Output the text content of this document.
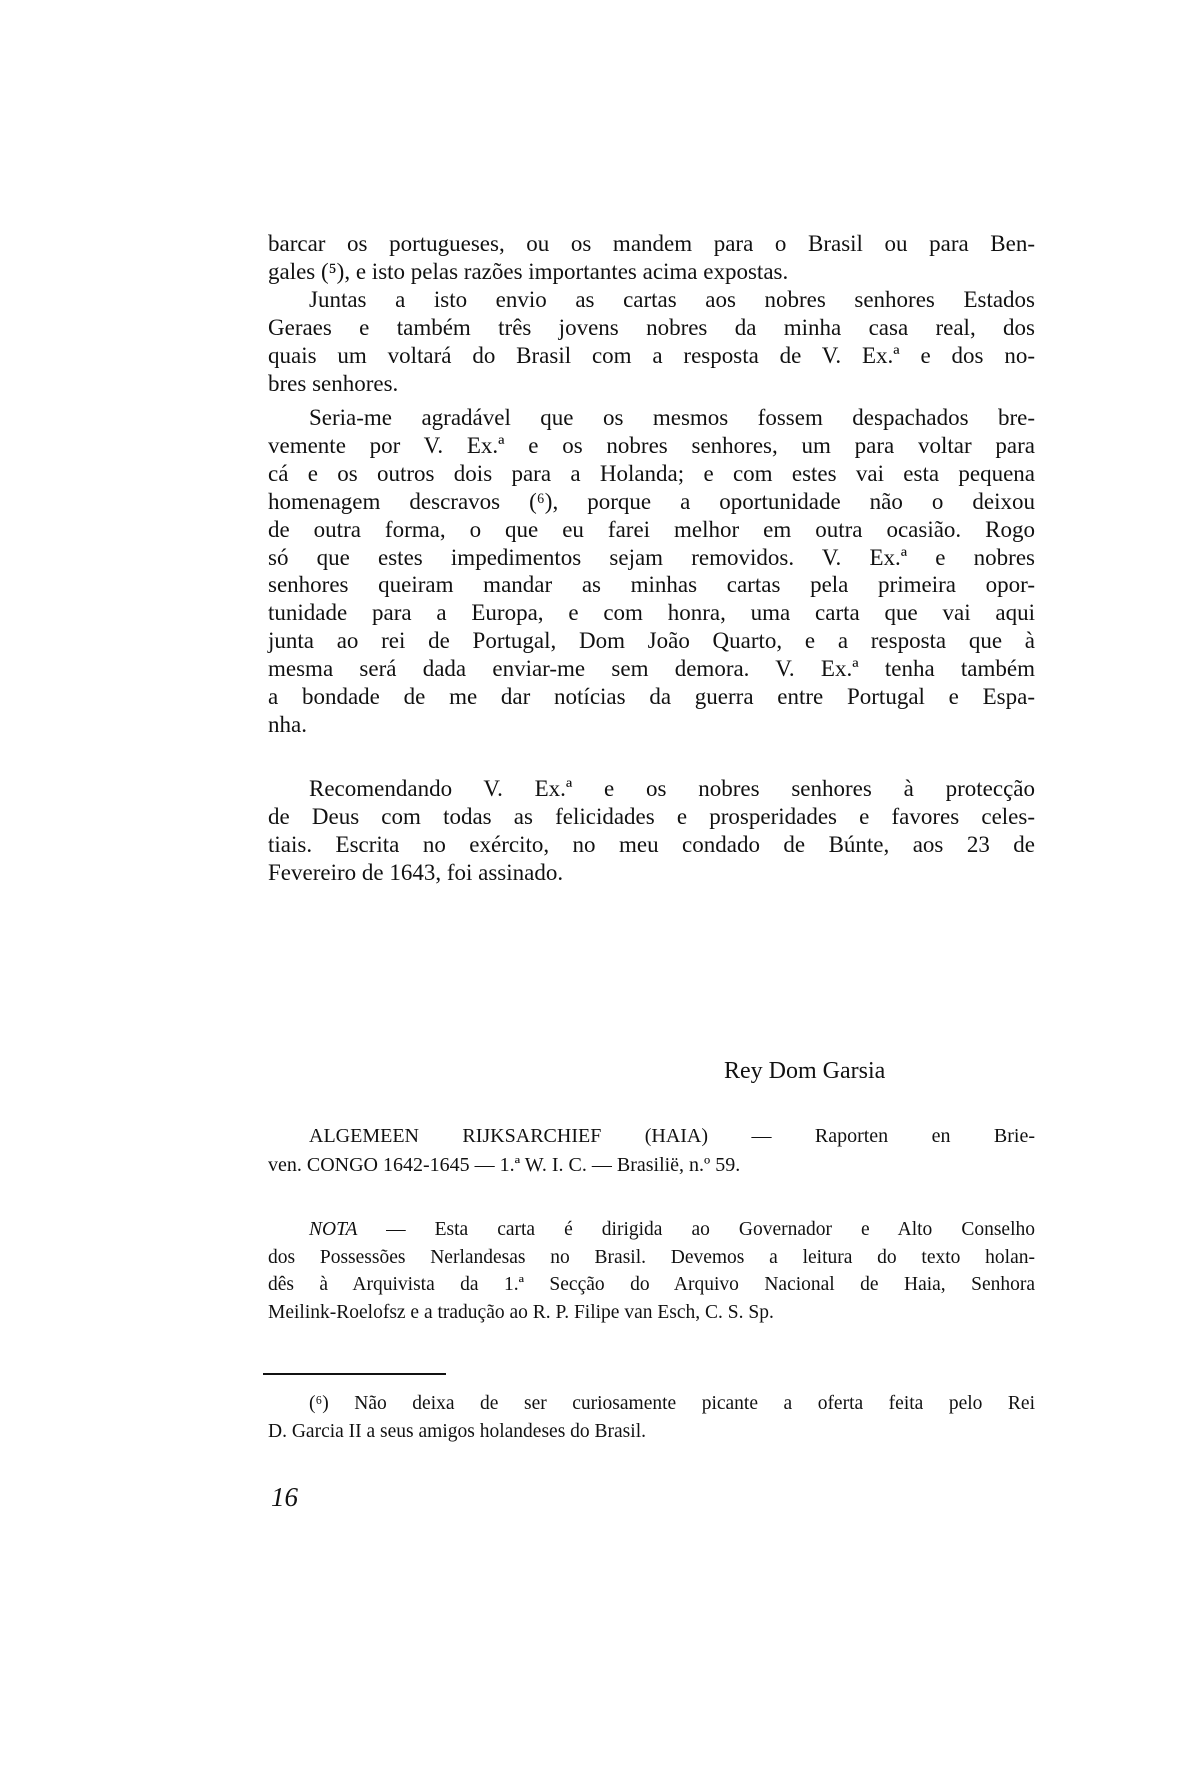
barcar os portugueses, ou os mandem para o Brasil ou para Ben-
gales (⁵), e isto pelas razões importantes acima expostas.
Juntas a isto envio as cartas aos nobres senhores Estados
Geraes e também três jovens nobres da minha casa real, dos
quais um voltará do Brasil com a resposta de V. Ex.ª e dos no-
bres senhores.
Seria-me agradável que os mesmos fossem despachados bre-
vemente por V. Ex.ª e os nobres senhores, um para voltar para
cá e os outros dois para a Holanda; e com estes vai esta pequena
homenagem descravos (⁶), porque a oportunidade não o deixou
de outra forma, o que eu farei melhor em outra ocasião. Rogo
só que estes impedimentos sejam removidos. V. Ex.ª e nobres
senhores queiram mandar as minhas cartas pela primeira opor-
tunidade para a Europa, e com honra, uma carta que vai aqui
junta ao rei de Portugal, Dom João Quarto, e a resposta que à
mesma será dada enviar-me sem demora. V. Ex.ª tenha também
a bondade de me dar notícias da guerra entre Portugal e Espa-
nha.
Recomendando V. Ex.ª e os nobres senhores à protecção
de Deus com todas as felicidades e prosperidades e favores celes-
tiais. Escrita no exército, no meu condado de Búnte, aos 23 de
Fevereiro de 1643, foi assinado.
Rey Dom Garsia
ALGEMEEN RIJKSARCHIEF (HAIA) — Raporten en Brie-
ven. CONGO 1642-1645 — 1.ª W. I. C. — Brasilië, n.º 59.
NOTA — Esta carta é dirigida ao Governador e Alto Conselho
dos Possessões Nerlandesas no Brasil. Devemos a leitura do texto holan-
dês à Arquivista da 1.ª Secção do Arquivo Nacional de Haia, Senhora
Meilink-Roelofsz e a tradução ao R. P. Filipe van Esch, C. S. Sp.
(⁶) Não deixa de ser curiosamente picante a oferta feita pelo Rei
D. Garcia II a seus amigos holandeses do Brasil.
16
